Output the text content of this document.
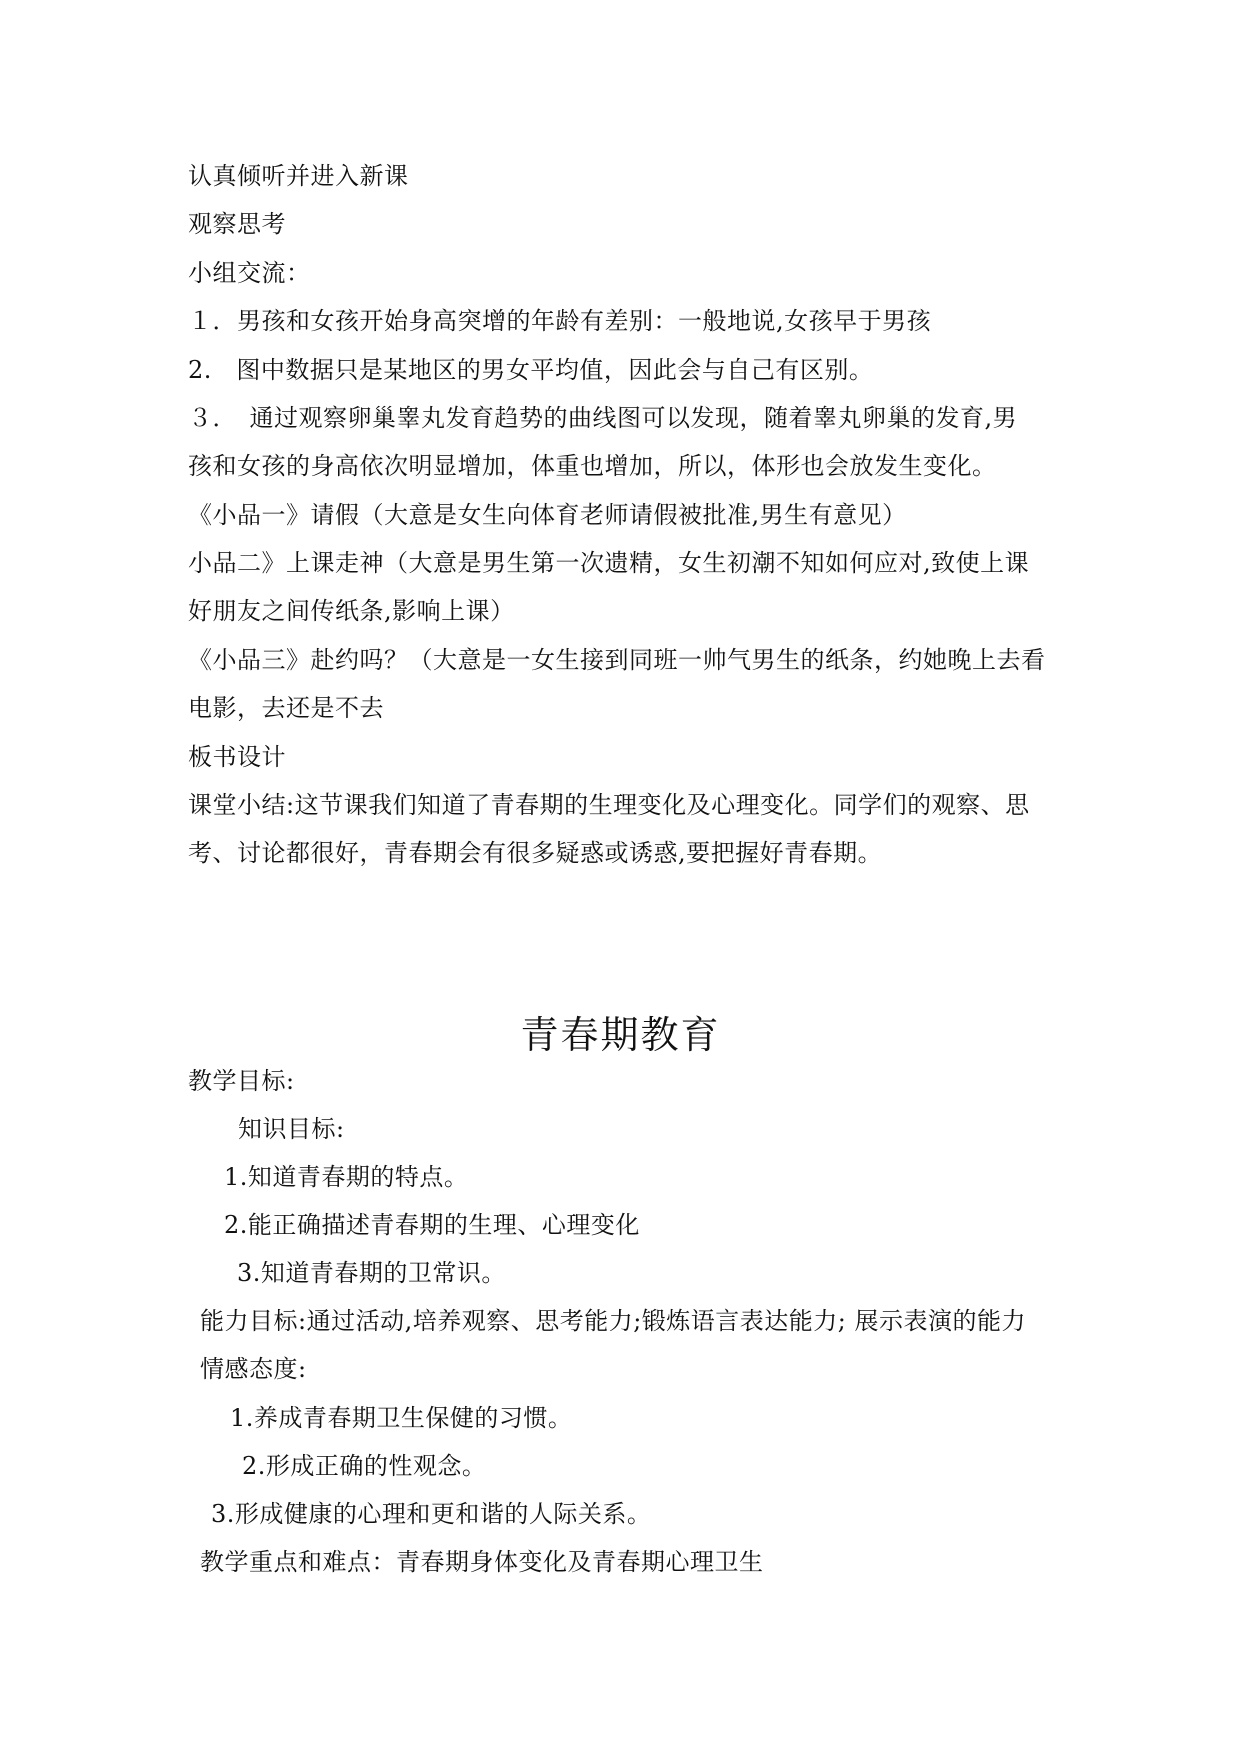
认真倾听并进入新课
观察思考
小组交流：
１．男孩和女孩开始身高突增的年龄有差别：一般地说,女孩早于男孩
2.　图中数据只是某地区的男女平均值，因此会与自己有区别。
３．　通过观察卵巢睾丸发育趋势的曲线图可以发现，随着睾丸卵巢的发育,男
孩和女孩的身高依次明显增加，体重也增加，所以，体形也会放发生变化。
《小品一》请假（大意是女生向体育老师请假被批准,男生有意见）
小品二》上课走神（大意是男生第一次遗精，女生初潮不知如何应对,致使上课
好朋友之间传纸条,影响上课）
《小品三》赴约吗？（大意是一女生接到同班一帅气男生的纸条，约她晚上去看
电影，去还是不去
板书设计
课堂小结:这节课我们知道了青春期的生理变化及心理变化。同学们的观察、思
考、讨论都很好，青春期会有很多疑惑或诱惑,要把握好青春期。
青春期教育
教学目标:
知识目标:
1.知道青春期的特点。
2.能正确描述青春期的生理、心理变化
3.知道青春期的卫常识。
能力目标:通过活动,培养观察、思考能力;锻炼语言表达能力; 展示表演的能力
情感态度:
1.养成青春期卫生保健的习惯。
2.形成正确的性观念。
3.形成健康的心理和更和谐的人际关系。
教学重点和难点：青春期身体变化及青春期心理卫生
